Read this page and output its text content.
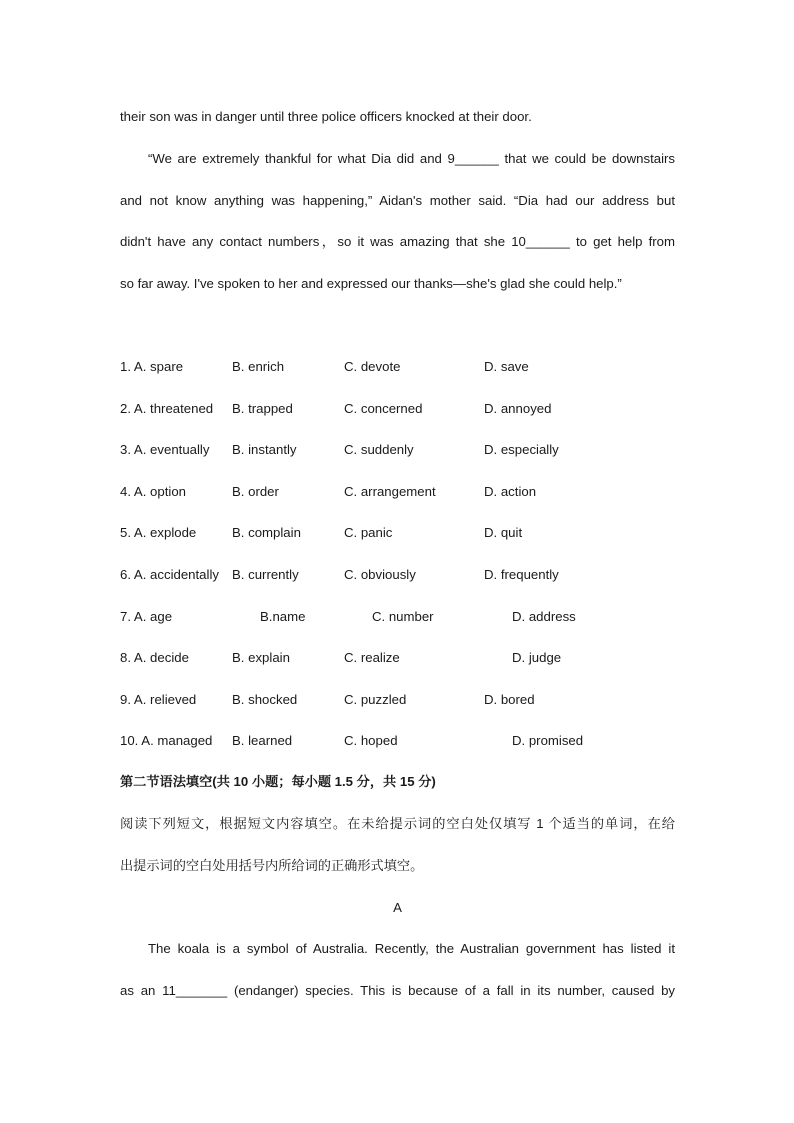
their son was in danger until three police officers knocked at their door.
“We are extremely thankful for what Dia did and 9______ that we could be downstairs
and not know anything was happening,” Aidan's mother said. “Dia had our address but
didn't have any contact numbers，so it was amazing that she 10______ to get help from
so far away. I've spoken to her and expressed our thanks—she's glad she could help.”
1. A. spare	B. enrich	C. devote	D. save
2. A. threatened B. trapped	C. concerned	D. annoyed
3. A. eventually B. instantly	C. suddenly	D. especially
4. A. option	B. order	C. arrangement	D. action
5. A. explode	B. complain	C. panic	D. quit
6. A. accidentally B. currently	C. obviously	D. frequently
7. A. age	B.name	C. number	D. address
8. A. decide	B. explain	C. realize	D. judge
9. A. relieved	B. shocked	C. puzzled	D. bored
10. A. managed B. learned	C. hoped	D. promised
第二节语法填空(共 10 小题；每小题 1.5 分，共 15 分)
阅读下列短文，根据短文内容填空。在未给提示词的空白处仅填写 1 个适当的单词，在给
出提示词的空白处用括号内所给词的正确形式填空。
A
The koala is a symbol of Australia. Recently, the Australian government has listed it
as an 11_______ (endanger) species. This is because of a fall in its number, caused by
